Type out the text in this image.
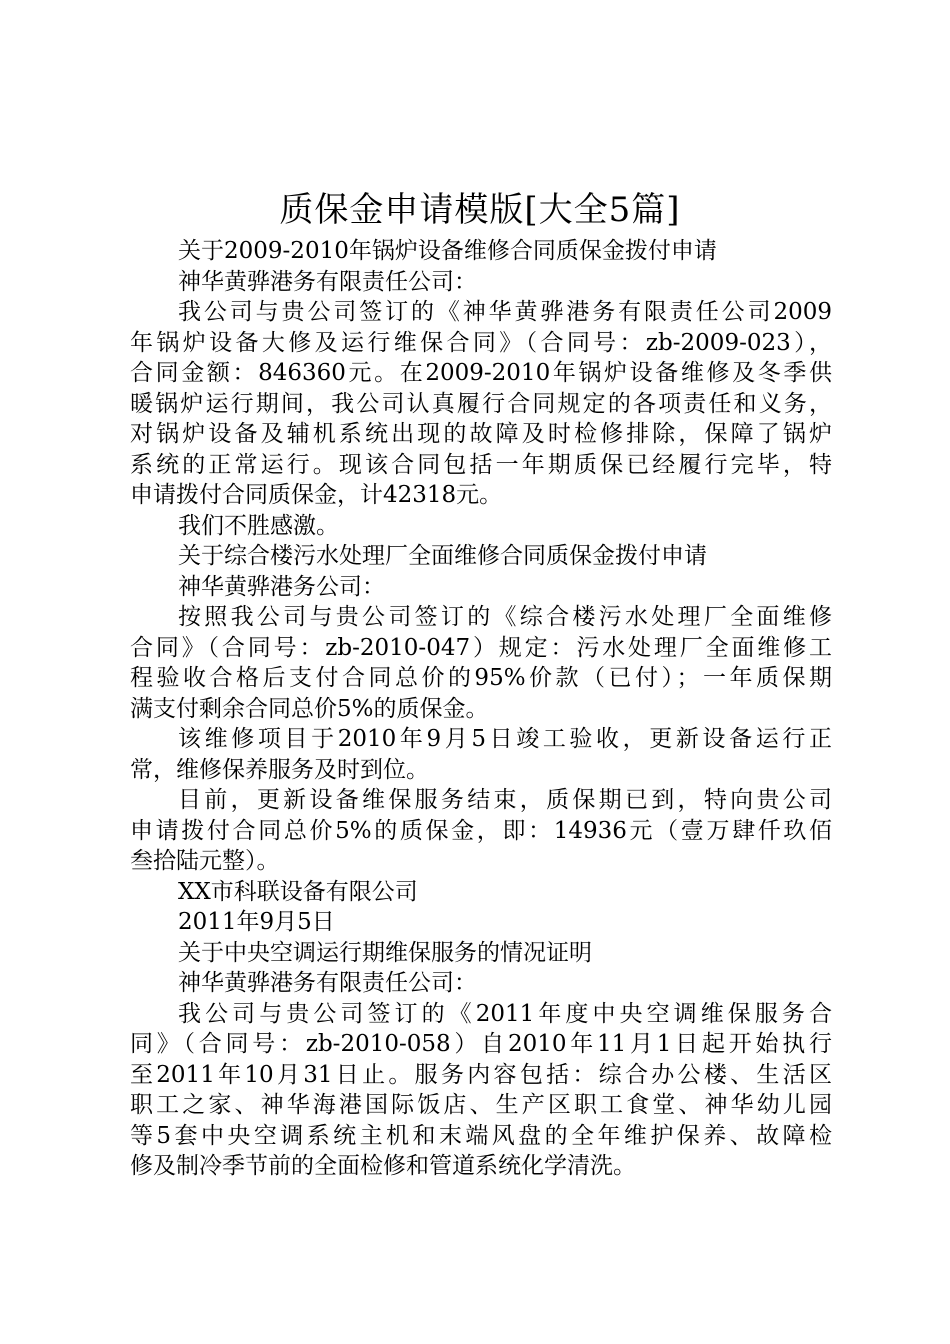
质保金申请模版[大全5篇]
关于2009-2010年锅炉设备维修合同质保金拨付申请
神华黄骅港务有限责任公司：
我公司与贵公司签订的《神华黄骅港务有限责任公司2009
年锅炉设备大修及运行维保合同》（合同号：zb-2009-023），
合同金额：846360元。在2009-2010年锅炉设备维修及冬季供
暖锅炉运行期间，我公司认真履行合同规定的各项责任和义务，
对锅炉设备及辅机系统出现的故障及时检修排除，保障了锅炉
系统的正常运行。现该合同包括一年期质保已经履行完毕，特
申请拨付合同质保金，计42318元。
我们不胜感激。
关于综合楼污水处理厂全面维修合同质保金拨付申请
神华黄骅港务公司：
按照我公司与贵公司签订的《综合楼污水处理厂全面维修
合同》（合同号：zb-2010-047）规定：污水处理厂全面维修工
程验收合格后支付合同总价的95%价款（已付）；一年质保期
满支付剩余合同总价5%的质保金。
该维修项目于2010年9月5日竣工验收，更新设备运行正
常，维修保养服务及时到位。
目前，更新设备维保服务结束，质保期已到，特向贵公司
申请拨付合同总价5%的质保金，即：14936元（壹万肆仟玖佰
叁拾陆元整）。
XX市科联设备有限公司
2011年9月5日
关于中央空调运行期维保服务的情况证明
神华黄骅港务有限责任公司：
我公司与贵公司签订的《2011年度中央空调维保服务合
同》（合同号：zb-2010-058）自2010年11月1日起开始执行
至2011年10月31日止。服务内容包括：综合办公楼、生活区
职工之家、神华海港国际饭店、生产区职工食堂、神华幼儿园
等5套中央空调系统主机和末端风盘的全年维护保养、故障检
修及制冷季节前的全面检修和管道系统化学清洗。
